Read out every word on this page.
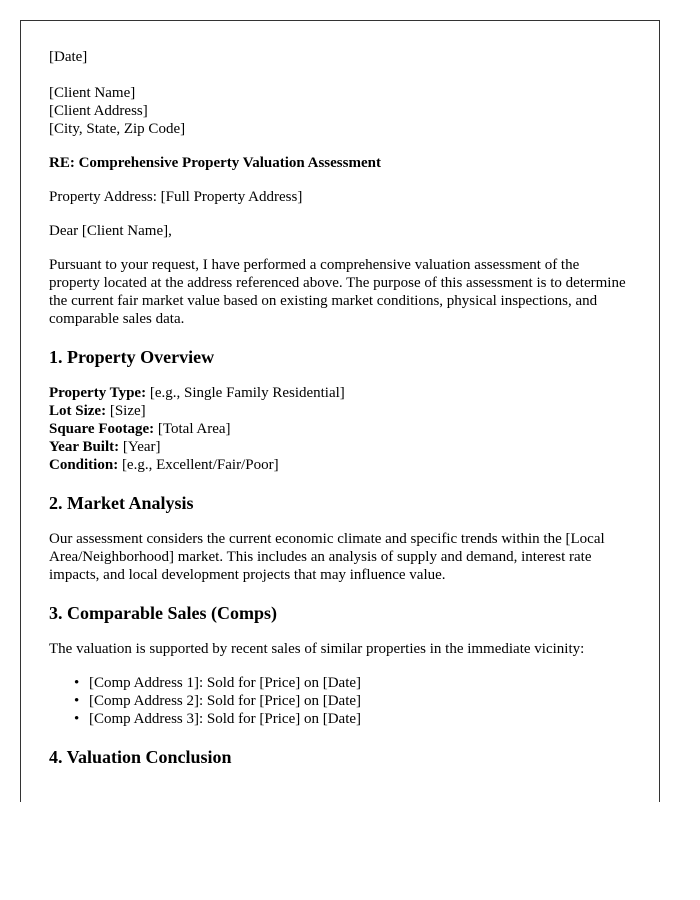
[Date]
[Client Name]
[Client Address]
[City, State, Zip Code]
RE: Comprehensive Property Valuation Assessment

Property Address: [Full Property Address]

Dear [Client Name],

Pursuant to your request, I have performed a comprehensive valuation assessment of the property located at the address referenced above. The purpose of this assessment is to determine the current fair market value based on existing market conditions, physical inspections, and comparable sales data.

1. Property Overview
Property Type: [e.g., Single Family Residential]
Lot Size: [Size]
Square Footage: [Total Area]
Year Built: [Year]
Condition: [e.g., Excellent/Fair/Poor]
2. Market Analysis

Our assessment considers the current economic climate and specific trends within the [Local Area/Neighborhood] market. This includes an analysis of supply and demand, interest rate impacts, and local development projects that may influence value.

3. Comparable Sales (Comps)

The valuation is supported by recent sales of similar properties in the immediate vicinity:

• [Comp Address 1]: Sold for [Price] on [Date]
• [Comp Address 2]: Sold for [Price] on [Date]
• [Comp Address 3]: Sold for [Price] on [Date]
4. Valuation Conclusion
